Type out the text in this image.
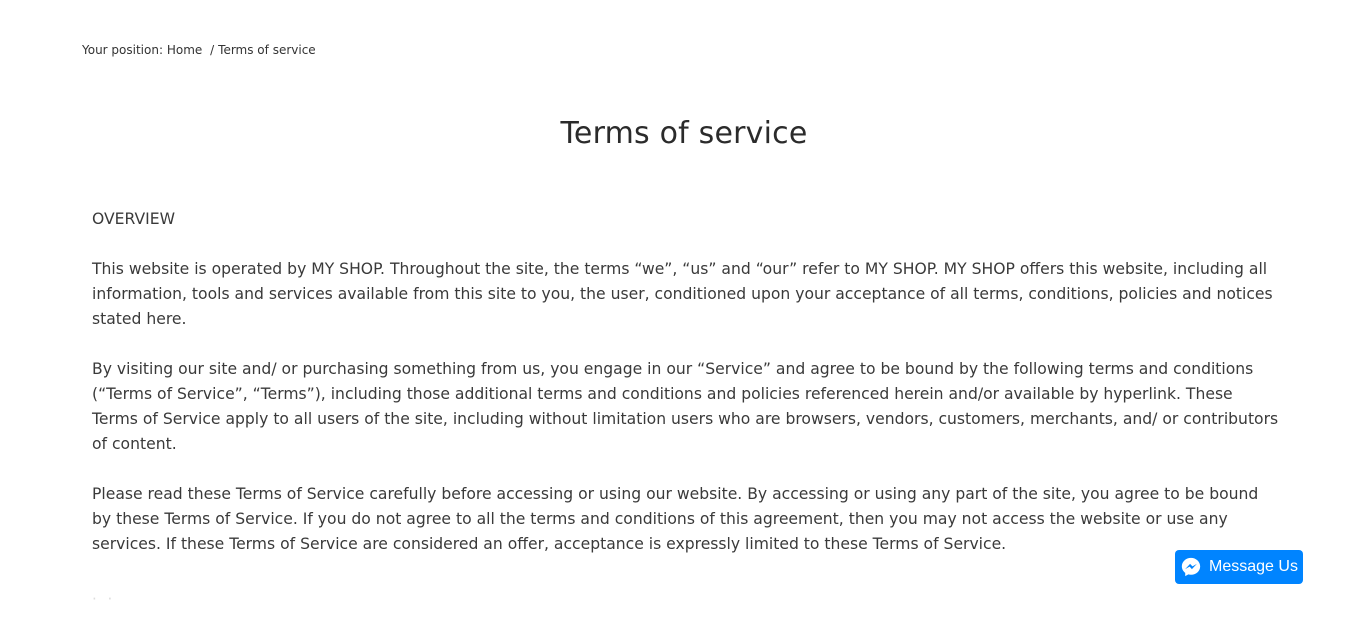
Your position: Home / Terms of service
Terms of service

OVERVIEW

This website is operated by MY SHOP. Throughout the site, the terms “we”, “us” and “our” refer to MY SHOP. MY SHOP offers this website, including all information, tools and services available from this site to you, the user, conditioned upon your acceptance of all terms, conditions, policies and notices stated here.

By visiting our site and/ or purchasing something from us, you engage in our “Service” and agree to be bound by the following terms and conditions (“Terms of Service”, “Terms”), including those additional terms and conditions and policies referenced herein and/or available by hyperlink. These Terms of Service apply to all users of the site, including without limitation users who are browsers, vendors, customers, merchants, and/ or contributors of content.

Please read these Terms of Service carefully before accessing or using our website. By accessing or using any part of the site, you agree to be bound by these Terms of Service. If you do not agree to all the terms and conditions of this agreement, then you may not access the website or use any services. If these Terms of Service are considered an offer, acceptance is expressly limited to these Terms of Service.

· ·
Message Us
